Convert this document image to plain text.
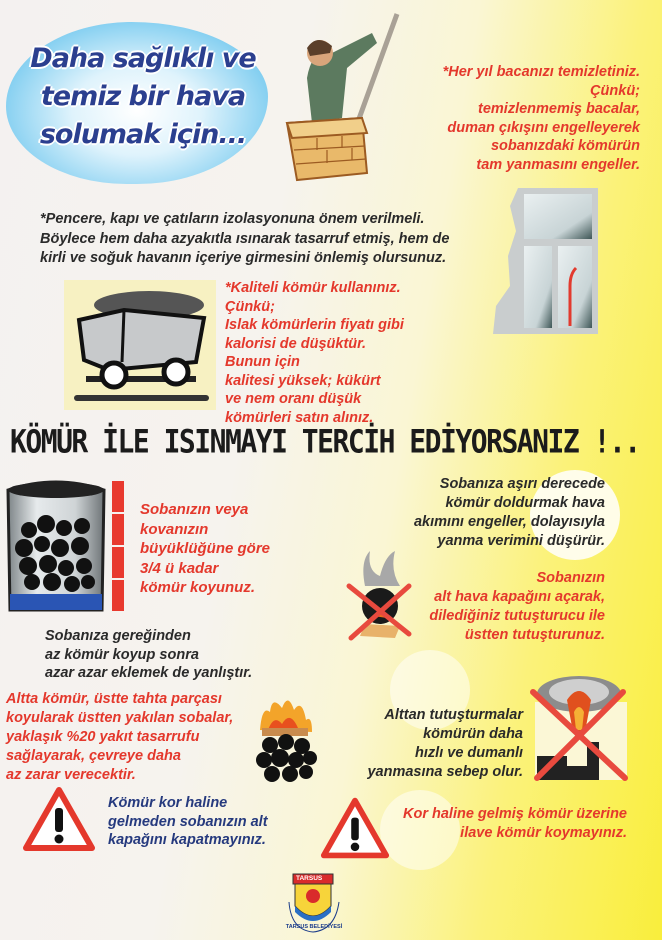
Daha sağlıklı ve
temiz bir hava
solumak için...
*Her yıl bacanızı temizletiniz.
Çünkü;
temizlenmemiş bacalar,
duman çıkışını engelleyerek
sobanızdaki kömürün
tam yanmasını engeller.
*Pencere, kapı ve çatıların izolasyonuna önem verilmeli.
Böylece hem daha azyakıtla ısınarak tasarruf etmiş, hem de
kirli ve soğuk havanın içeriye girmesini önlemiş olursunuz.
*Kaliteli kömür kullanınız.
Çünkü;
Islak kömürlerin fiyatı gibi
kalorisi de düşüktür.
Bunun için
kalitesi yüksek; kükürt
ve nem oranı düşük
kömürleri satın alınız.
KÖMÜR İLE ISINMAYI TERCİH EDİYORSANIZ !..
Sobanızın veya
kovanızın
büyüklüğüne göre
3/4 ü kadar
kömür koyunuz.
Sobanıza gereğinden
az kömür koyup sonra
azar azar eklemek de yanlıştır.
Sobanıza aşırı derecede
kömür doldurmak hava
akımını engeller, dolayısıyla
yanma verimini düşürür.
Sobanızın
alt hava kapağını açarak,
dilediğiniz tutuşturucu ile
üstten tutuşturunuz.
Altta kömür, üstte tahta parçası
koyularak üstten yakılan sobalar,
yaklaşık %20 yakıt tasarrufu
sağlayarak, çevreye daha
az zarar verecektir.
Alttan tutuşturmalar
kömürün daha
hızlı ve dumanlı
yanmasına sebep olur.
Kömür kor haline
gelmeden sobanızın alt
kapağını kapatmayınız.
Kor haline gelmiş kömür üzerine
ilave kömür koymayınız.
TARSUS
TARSUS BELEDİYESİ
